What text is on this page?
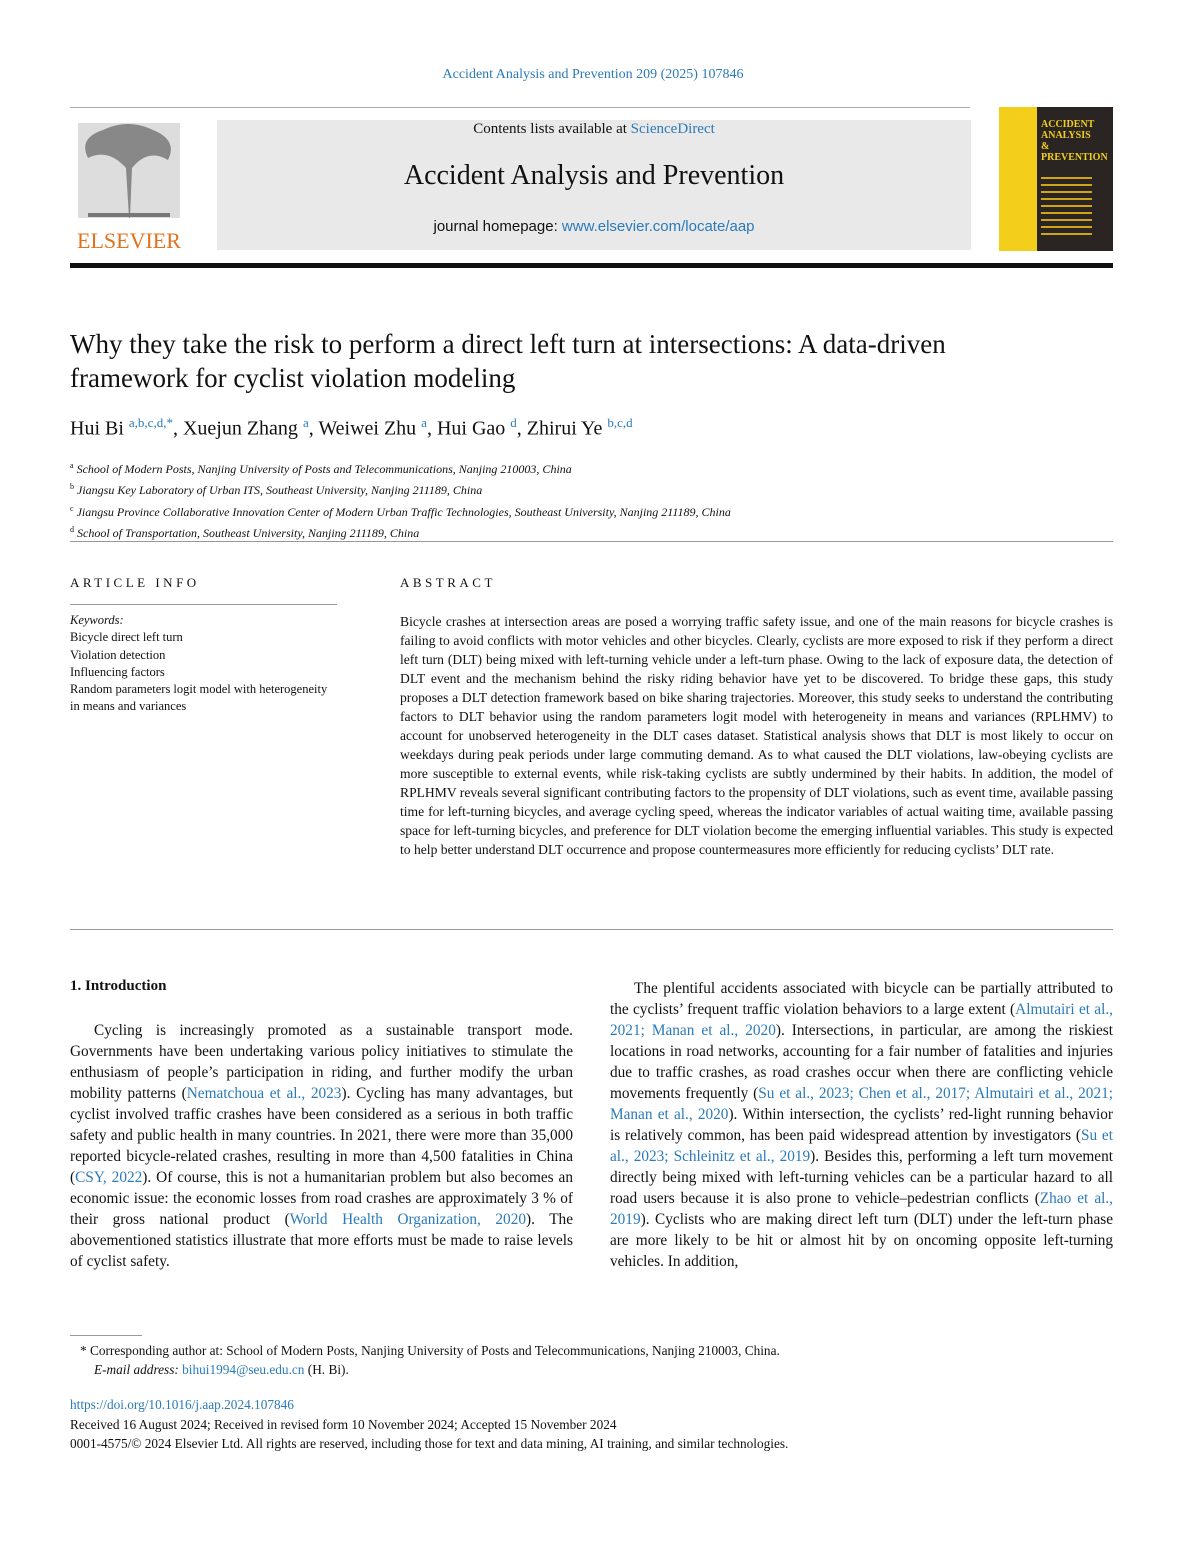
Accident Analysis and Prevention 209 (2025) 107846
ELSEVIER
Contents lists available at ScienceDirect
Accident Analysis and Prevention
journal homepage: www.elsevier.com/locate/aap
ACCIDENT
ANALYSIS
&
PREVENTION
Why they take the risk to perform a direct left turn at intersections: A data-driven framework for cyclist violation modeling
Hui Bi $^{a,b,c,d,*}$, Xuejun Zhang $^a$, Weiwei Zhu $^a$, Hui Gao $^d$, Zhirui Ye $^{b,c,d}$
$^a$ School of Modern Posts, Nanjing University of Posts and Telecommunications, Nanjing 210003, China
$^b$ Jiangsu Key Laboratory of Urban ITS, Southeast University, Nanjing 211189, China
$^c$ Jiangsu Province Collaborative Innovation Center of Modern Urban Traffic Technologies, Southeast University, Nanjing 211189, China
$^d$ School of Transportation, Southeast University, Nanjing 211189, China
ARTICLE INFO
Keywords:
Bicycle direct left turn
Violation detection
Influencing factors
Random parameters logit model with heterogeneity in means and variances
ABSTRACT
Bicycle crashes at intersection areas are posed a worrying traffic safety issue, and one of the main reasons for bicycle crashes is failing to avoid conflicts with motor vehicles and other bicycles. Clearly, cyclists are more exposed to risk if they perform a direct left turn (DLT) being mixed with left-turning vehicle under a left-turn phase. Owing to the lack of exposure data, the detection of DLT event and the mechanism behind the risky riding behavior have yet to be discovered. To bridge these gaps, this study proposes a DLT detection framework based on bike sharing trajectories. Moreover, this study seeks to understand the contributing factors to DLT behavior using the random parameters logit model with heterogeneity in means and variances (RPLHMV) to account for unobserved heterogeneity in the DLT cases dataset. Statistical analysis shows that DLT is most likely to occur on weekdays during peak periods under large commuting demand. As to what caused the DLT violations, law-obeying cyclists are more susceptible to external events, while risk-taking cyclists are subtly undermined by their habits. In addition, the model of RPLHMV reveals several significant contributing factors to the propensity of DLT violations, such as event time, available passing time for left-turning bicycles, and average cycling speed, whereas the indicator variables of actual waiting time, available passing space for left-turning bicycles, and preference for DLT violation become the emerging influential variables. This study is expected to help better understand DLT occurrence and propose countermeasures more efficiently for reducing cyclists’ DLT rate.
1. Introduction
Cycling is increasingly promoted as a sustainable transport mode. Governments have been undertaking various policy initiatives to stimulate the enthusiasm of people’s participation in riding, and further modify the urban mobility patterns (Nematchoua et al., 2023). Cycling has many advantages, but cyclist involved traffic crashes have been considered as a serious in both traffic safety and public health in many countries. In 2021, there were more than 35,000 reported bicycle-related crashes, resulting in more than 4,500 fatalities in China (CSY, 2022). Of course, this is not a humanitarian problem but also becomes an economic issue: the economic losses from road crashes are approximately 3 % of their gross national product (World Health Organization, 2020). The abovementioned statistics illustrate that more efforts must be made to raise levels of cyclist safety.
The plentiful accidents associated with bicycle can be partially attributed to the cyclists’ frequent traffic violation behaviors to a large extent (Almutairi et al., 2021; Manan et al., 2020). Intersections, in particular, are among the riskiest locations in road networks, accounting for a fair number of fatalities and injuries due to traffic crashes, as road crashes occur when there are conflicting vehicle movements frequently (Su et al., 2023; Chen et al., 2017; Almutairi et al., 2021; Manan et al., 2020). Within intersection, the cyclists’ red-light running behavior is relatively common, has been paid widespread attention by investigators (Su et al., 2023; Schleinitz et al., 2019). Besides this, performing a left turn movement directly being mixed with left-turning vehicles can be a particular hazard to all road users because it is also prone to vehicle–pedestrian conflicts (Zhao et al., 2019). Cyclists who are making direct left turn (DLT) under the left-turn phase are more likely to be hit or almost hit by on oncoming opposite left-turning vehicles. In addition,
* Corresponding author at: School of Modern Posts, Nanjing University of Posts and Telecommunications, Nanjing 210003, China.
E-mail address: bihui1994@seu.edu.cn (H. Bi).
https://doi.org/10.1016/j.aap.2024.107846
Received 16 August 2024; Received in revised form 10 November 2024; Accepted 15 November 2024
0001-4575/© 2024 Elsevier Ltd. All rights are reserved, including those for text and data mining, AI training, and similar technologies.
